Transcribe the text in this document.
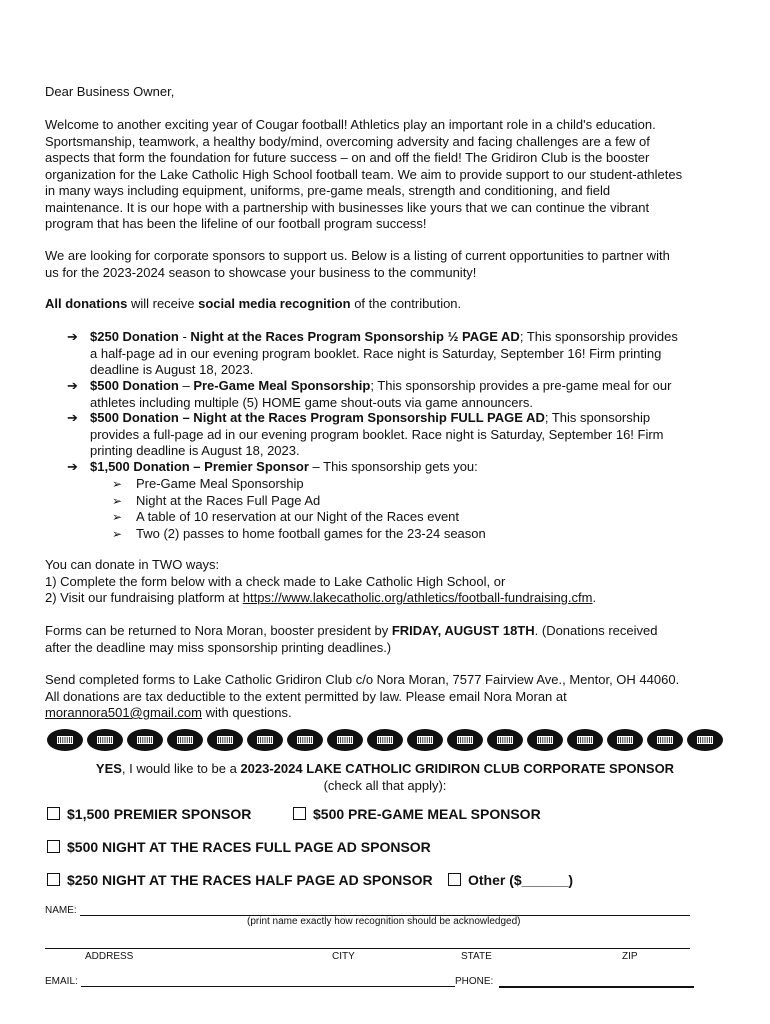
Dear Business Owner,
Welcome to another exciting year of Cougar football! Athletics play an important role in a child's education.
Sportsmanship, teamwork, a healthy body/mind, overcoming adversity and facing challenges are a few of
aspects that form the foundation for future success – on and off the field! The Gridiron Club is the booster
organization for the Lake Catholic High School football team. We aim to provide support to our student-athletes
in many ways including equipment, uniforms, pre-game meals, strength and conditioning, and field
maintenance. It is our hope with a partnership with businesses like yours that we can continue the vibrant
program that has been the lifeline of our football program success!
We are looking for corporate sponsors to support us. Below is a listing of current opportunities to partner with
us for the 2023-2024 season to showcase your business to the community!
All donations will receive social media recognition of the contribution.
➔ $250 Donation - Night at the Races Program Sponsorship ½ PAGE AD; This sponsorship provides
a half-page ad in our evening program booklet. Race night is Saturday, September 16! Firm printing
deadline is August 18, 2023.
➔ $500 Donation – Pre-Game Meal Sponsorship; This sponsorship provides a pre-game meal for our
athletes including multiple (5) HOME game shout-outs via game announcers.
➔ $500 Donation – Night at the Races Program Sponsorship FULL PAGE AD; This sponsorship
provides a full-page ad in our evening program booklet. Race night is Saturday, September 16! Firm
printing deadline is August 18, 2023.
➔ $1,500 Donation – Premier Sponsor – This sponsorship gets you:
➢ Pre-Game Meal Sponsorship
➢ Night at the Races Full Page Ad
➢ A table of 10 reservation at our Night of the Races event
➢ Two (2) passes to home football games for the 23-24 season
You can donate in TWO ways:
1) Complete the form below with a check made to Lake Catholic High School, or
2) Visit our fundraising platform at https://www.lakecatholic.org/athletics/football-fundraising.cfm.
Forms can be returned to Nora Moran, booster president by FRIDAY, AUGUST 18TH. (Donations received
after the deadline may miss sponsorship printing deadlines.)
Send completed forms to Lake Catholic Gridiron Club c/o Nora Moran, 7577 Fairview Ave., Mentor, OH 44060.
All donations are tax deductible to the extent permitted by law. Please email Nora Moran at
morannora501@gmail.com with questions.
YES, I would like to be a 2023-2024 LAKE CATHOLIC GRIDIRON CLUB CORPORATE SPONSOR
(check all that apply):
$1,500 PREMIER SPONSOR	$500 PRE-GAME MEAL SPONSOR
$500 NIGHT AT THE RACES FULL PAGE AD SPONSOR
$250 NIGHT AT THE RACES HALF PAGE AD SPONSOR	Other ($______)
NAME:
(print name exactly how recognition should be acknowledged)
ADDRESS	CITY	STATE	ZIP
EMAIL:	PHONE:
